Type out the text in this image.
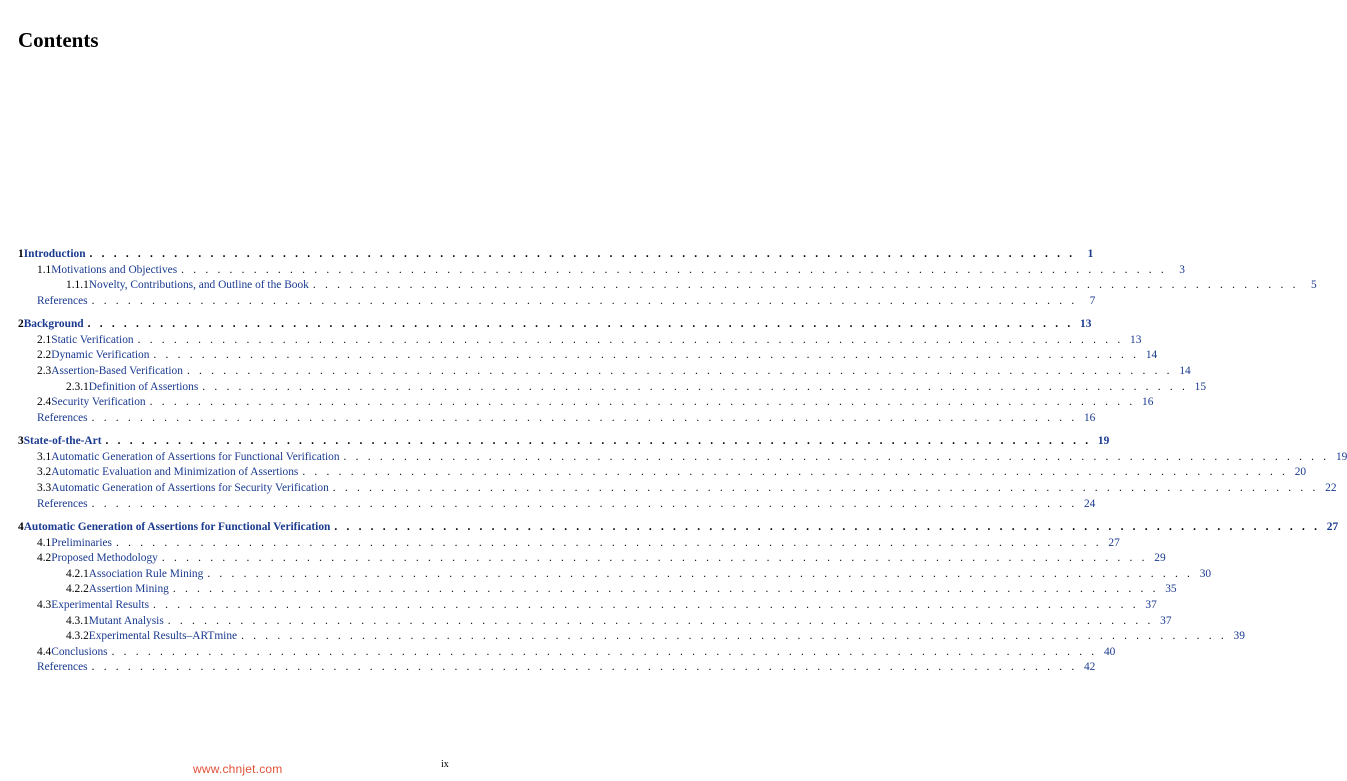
Contents
1 Introduction . . . . . . . . . . . . . . . . . . . . . . . . . . . . . . . . . . . . . . . . . . . . . . . . . . . . . . . . . . . . . . . . . . . . . . . . . . . . . . . . . .	1
1.1 Motivations and Objectives . . . . . . . . . . . . . . . . . . . . . . . . . . . . . . . . . . . . . . . . . . . . . . . . . . . . . . . . . . . . . . . . . . . . . . . . . . . . . . . . . .	3
1.1.1 Novelty, Contributions, and Outline of the Book . . . . . . . . . . . . . . . . . . . . . . . . . . . . . . . . . . . . . . . . . . . . . . . . . . . . . . . . . . . . . . . . . . . . . . . . . . . . . . . . . .	5
References . . . . . . . . . . . . . . . . . . . . . . . . . . . . . . . . . . . . . . . . . . . . . . . . . . . . . . . . . . . . . . . . . . . . . . . . . . . . . . . . . .	7
2 Background . . . . . . . . . . . . . . . . . . . . . . . . . . . . . . . . . . . . . . . . . . . . . . . . . . . . . . . . . . . . . . . . . . . . . . . . . . . . . . . . . . 13
2.1 Static Verification . . . . . . . . . . . . . . . . . . . . . . . . . . . . . . . . . . . . . . . . . . . . . . . . . . . . . . . . . . . . . . . . . . . . . . . . . . . . . . . . . . 13
2.2 Dynamic Verification . . . . . . . . . . . . . . . . . . . . . . . . . . . . . . . . . . . . . . . . . . . . . . . . . . . . . . . . . . . . . . . . . . . . . . . . . . . . . . . . . . 14
2.3 Assertion-Based Verification . . . . . . . . . . . . . . . . . . . . . . . . . . . . . . . . . . . . . . . . . . . . . . . . . . . . . . . . . . . . . . . . . . . . . . . . . . . . . . . . . . 14
2.3.1 Definition of Assertions . . . . . . . . . . . . . . . . . . . . . . . . . . . . . . . . . . . . . . . . . . . . . . . . . . . . . . . . . . . . . . . . . . . . . . . . . . . . . . . . . . 15
2.4 Security Verification . . . . . . . . . . . . . . . . . . . . . . . . . . . . . . . . . . . . . . . . . . . . . . . . . . . . . . . . . . . . . . . . . . . . . . . . . . . . . . . . . . 16
References . . . . . . . . . . . . . . . . . . . . . . . . . . . . . . . . . . . . . . . . . . . . . . . . . . . . . . . . . . . . . . . . . . . . . . . . . . . . . . . . . . 16
3 State-of-the-Art . . . . . . . . . . . . . . . . . . . . . . . . . . . . . . . . . . . . . . . . . . . . . . . . . . . . . . . . . . . . . . . . . . . . . . . . . . . . . . . . . . 19
3.1 Automatic Generation of Assertions for Functional Verification . . . . . . . . . . . . . . . . . . . . . . . . . . . . . . . . . . . . . . . . . . . . . . . . . . . . . . . . . . . . . . . . . . . . . . . . . . . . . . . . . . 19
3.2 Automatic Evaluation and Minimization of Assertions . . . . . . . . . . . . . . . . . . . . . . . . . . . . . . . . . . . . . . . . . . . . . . . . . . . . . . . . . . . . . . . . . . . . . . . . . . . . . . . . . . 20
3.3 Automatic Generation of Assertions for Security Verification . . . . . . . . . . . . . . . . . . . . . . . . . . . . . . . . . . . . . . . . . . . . . . . . . . . . . . . . . . . . . . . . . . . . . . . . . . . . . . . . . . 22
References . . . . . . . . . . . . . . . . . . . . . . . . . . . . . . . . . . . . . . . . . . . . . . . . . . . . . . . . . . . . . . . . . . . . . . . . . . . . . . . . . . 24
4 Automatic Generation of Assertions for Functional Verification . . . . . . . . . . . . . . . . . . . . . . . . . . . . . . . . . . . . . . . . . . . . . . . . . . . . . . . . . . . . . . . . . . . . . . . . . . . . . . . . . . 27
4.1 Preliminaries . . . . . . . . . . . . . . . . . . . . . . . . . . . . . . . . . . . . . . . . . . . . . . . . . . . . . . . . . . . . . . . . . . . . . . . . . . . . . . . . . . 27
4.2 Proposed Methodology . . . . . . . . . . . . . . . . . . . . . . . . . . . . . . . . . . . . . . . . . . . . . . . . . . . . . . . . . . . . . . . . . . . . . . . . . . . . . . . . . . 29
4.2.1 Association Rule Mining . . . . . . . . . . . . . . . . . . . . . . . . . . . . . . . . . . . . . . . . . . . . . . . . . . . . . . . . . . . . . . . . . . . . . . . . . . . . . . . . . . 30
4.2.2 Assertion Mining . . . . . . . . . . . . . . . . . . . . . . . . . . . . . . . . . . . . . . . . . . . . . . . . . . . . . . . . . . . . . . . . . . . . . . . . . . . . . . . . . . 35
4.3 Experimental Results . . . . . . . . . . . . . . . . . . . . . . . . . . . . . . . . . . . . . . . . . . . . . . . . . . . . . . . . . . . . . . . . . . . . . . . . . . . . . . . . . . 37
4.3.1 Mutant Analysis . . . . . . . . . . . . . . . . . . . . . . . . . . . . . . . . . . . . . . . . . . . . . . . . . . . . . . . . . . . . . . . . . . . . . . . . . . . . . . . . . . 37
4.3.2 Experimental Results–ARTmine . . . . . . . . . . . . . . . . . . . . . . . . . . . . . . . . . . . . . . . . . . . . . . . . . . . . . . . . . . . . . . . . . . . . . . . . . . . . . . . . . . 39
4.4 Conclusions . . . . . . . . . . . . . . . . . . . . . . . . . . . . . . . . . . . . . . . . . . . . . . . . . . . . . . . . . . . . . . . . . . . . . . . . . . . . . . . . . . 40
References . . . . . . . . . . . . . . . . . . . . . . . . . . . . . . . . . . . . . . . . . . . . . . . . . . . . . . . . . . . . . . . . . . . . . . . . . . . . . . . . . . 42
ix
www.chnjet.com
